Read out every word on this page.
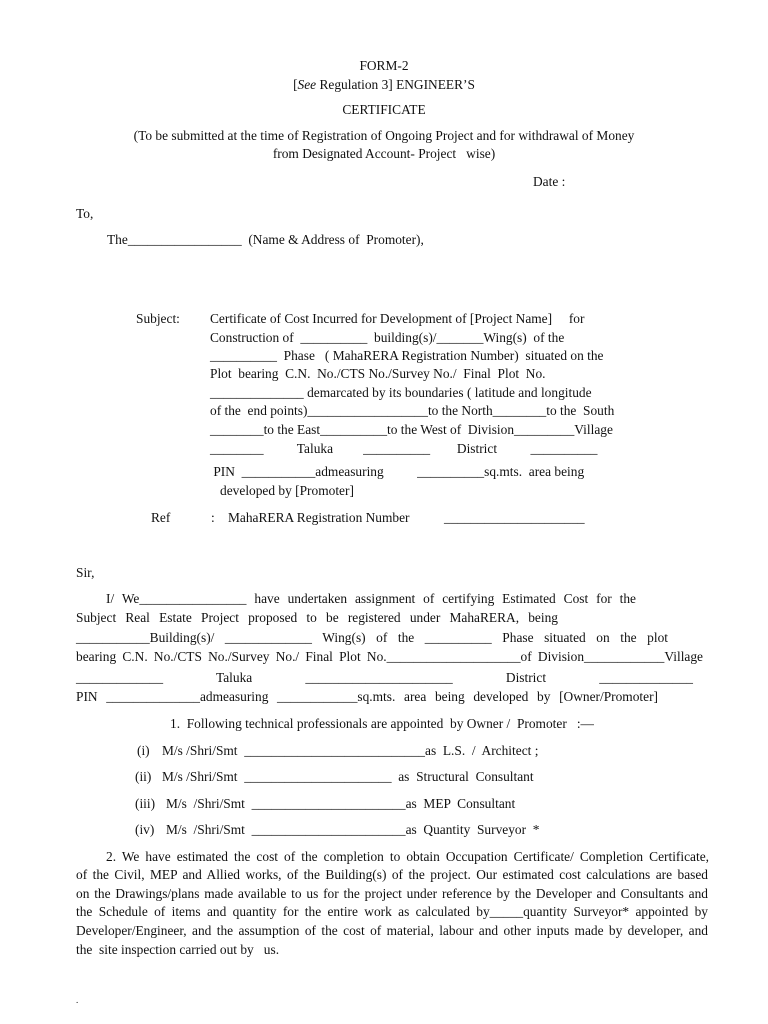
FORM-2
[See Regulation 3] ENGINEER’S
CERTIFICATE
(To be submitted at the time of Registration of Ongoing Project and for withdrawal of Money
from Designated Account- Project   wise)
Date :
To,
The_________________  (Name & Address of  Promoter),
Subject: Certificate of Cost Incurred for Development of [Project Name]     for
Construction of  __________  building(s)/_______Wing(s)  of the
__________  Phase   ( MahaRERA Registration Number)  situated on the
Plot  bearing  C.N.  No./CTS No./Survey No./  Final  Plot  No.
______________ demarcated by its boundaries ( latitude and longitude
of the  end points)__________________to the North________to the  South
________to the East__________to the West of  Division_________Village
________          Taluka         __________        District          __________
PIN  ___________admeasuring          __________sq.mts.  area being
developed by [Promoter]
Ref	: MahaRERA Registration Number	_____________________
Sir,
I/ We________________ have undertaken assignment of certifying Estimated Cost for the
Subject Real Estate Project proposed to be registered under MahaRERA, being
___________Building(s)/ _____________ Wing(s) of the __________ Phase situated on the plot
bearing C.N. No./CTS No./Survey No./ Final Plot No.____________________of Division____________Village
_____________ Taluka ______________________ District ______________
PIN ______________admeasuring ____________sq.mts. area being developed by [Owner/Promoter]
1.  Following technical professionals are appointed  by Owner /  Promoter   :—
(i) M/s /Shri/Smt  ___________________________as  L.S.  /  Architect ;
(ii) M/s /Shri/Smt  ______________________  as  Structural  Consultant
(iii) M/s  /Shri/Smt  _______________________as  MEP  Consultant
(iv) M/s  /Shri/Smt  _______________________as  Quantity  Surveyor  *
2. We have estimated the cost of the completion to obtain Occupation Certificate/ Completion Certificate,
of the Civil, MEP and Allied works, of the Building(s) of the project. Our estimated cost calculations are based
on the Drawings/plans made available to us for the project under reference by the Developer and Consultants and
the Schedule of items and quantity for the entire work as calculated by_____quantity Surveyor* appointed by
Developer/Engineer, and the assumption of the cost of material, labour and other inputs made by developer, and
the  site inspection carried out by   us.
.
